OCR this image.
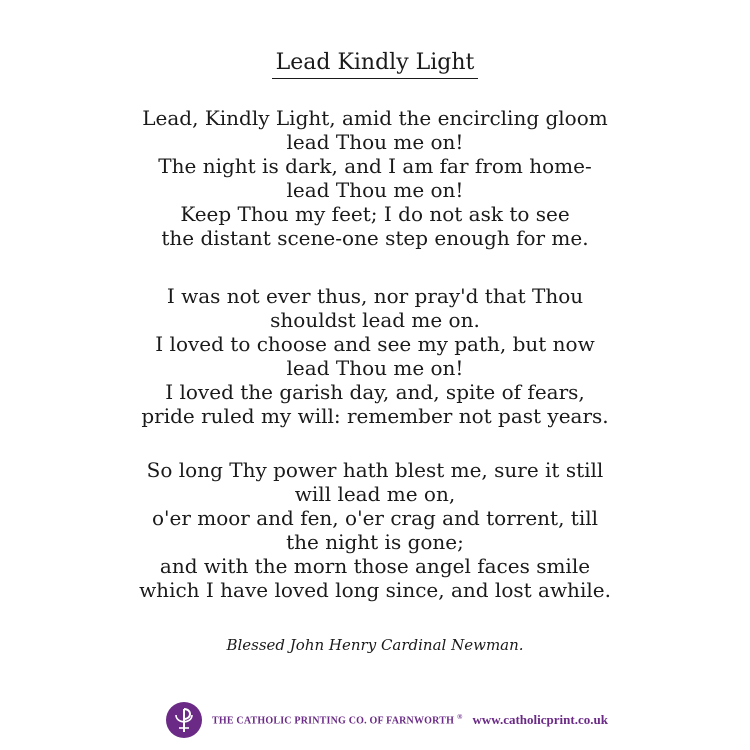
Lead Kindly Light
Lead, Kindly Light, amid the encircling gloom
lead Thou me on!
The night is dark, and I am far from home-
lead Thou me on!
Keep Thou my feet; I do not ask to see
the distant scene-one step enough for me.
I was not ever thus, nor pray'd that Thou
shouldst lead me on.
I loved to choose and see my path, but now
lead Thou me on!
I loved the garish day, and, spite of fears,
pride ruled my will: remember not past years.
So long Thy power hath blest me, sure it still
will lead me on,
o'er moor and fen, o'er crag and torrent, till
the night is gone;
and with the morn those angel faces smile
which I have loved long since, and lost awhile.
Blessed John Henry Cardinal Newman.
THE CATHOLIC PRINTING CO. OF FARNWORTH ® www.catholicprint.co.uk
